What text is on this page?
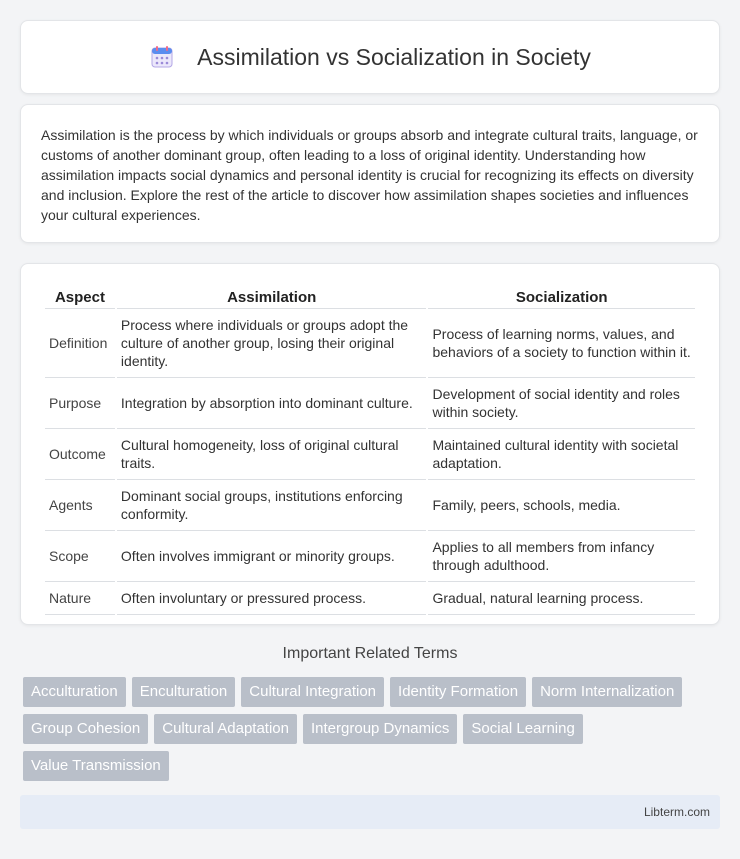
Assimilation vs Socialization in Society

Assimilation is the process by which individuals or groups absorb and integrate cultural traits, language, or customs of another dominant group, often leading to a loss of original identity. Understanding how assimilation impacts social dynamics and personal identity is crucial for recognizing its effects on diversity and inclusion. Explore the rest of the article to discover how assimilation shapes societies and influences your cultural experiences.

Aspect	Assimilation	Socialization
Definition	Process where individuals or groups adopt the culture of another group, losing their original identity.	Process of learning norms, values, and behaviors of a society to function within it.
Purpose	Integration by absorption into dominant culture.	Development of social identity and roles within society.
Outcome	Cultural homogeneity, loss of original cultural traits.	Maintained cultural identity with societal adaptation.
Agents	Dominant social groups, institutions enforcing conformity.	Family, peers, schools, media.
Scope	Often involves immigrant or minority groups.	Applies to all members from infancy through adulthood.
Nature	Often involuntary or pressured process.	Gradual, natural learning process.
Important Related Terms
Acculturation	Enculturation	Cultural Integration	Identity Formation	Norm Internalization
Group Cohesion	Cultural Adaptation	Intergroup Dynamics	Social Learning
Value Transmission
Libterm.com
